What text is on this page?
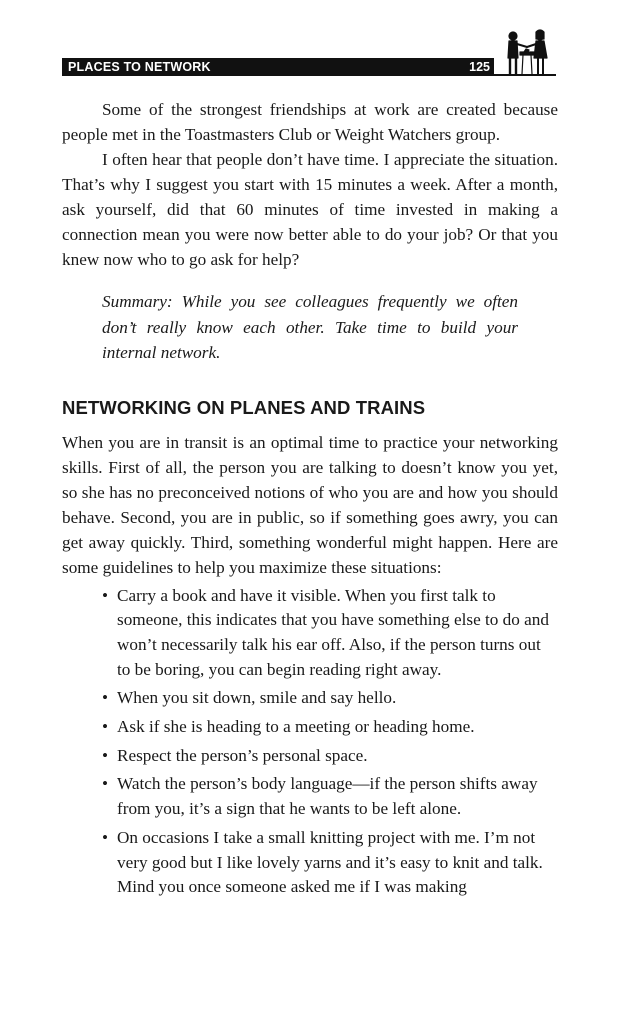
PLACES TO NETWORK	125

Some of the strongest friendships at work are created because people met in the Toastmasters Club or Weight Watchers group.

I often hear that people don’t have time. I appreciate the situation. That’s why I suggest you start with 15 minutes a week. After a month, ask yourself, did that 60 minutes of time invested in making a connection mean you were now better able to do your job? Or that you knew now who to go ask for help?

Summary: While you see colleagues frequently we often don’t really know each other. Take time to build your internal network.

NETWORKING ON PLANES AND TRAINS

When you are in transit is an optimal time to practice your networking skills. First of all, the person you are talking to doesn’t know you yet, so she has no preconceived notions of who you are and how you should behave. Second, you are in public, so if something goes awry, you can get away quickly. Third, something wonderful might happen. Here are some guidelines to help you maximize these situations:

• Carry a book and have it visible. When you first talk to someone, this indicates that you have something else to do and won’t necessarily talk his ear off. Also, if the person turns out to be boring, you can begin reading right away.
• When you sit down, smile and say hello.
• Ask if she is heading to a meeting or heading home.
• Respect the person’s personal space.
• Watch the person’s body language—if the person shifts away from you, it’s a sign that he wants to be left alone.
• On occasions I take a small knitting project with me. I’m not very good but I like lovely yarns and it’s easy to knit and talk. Mind you once someone asked me if I was making
